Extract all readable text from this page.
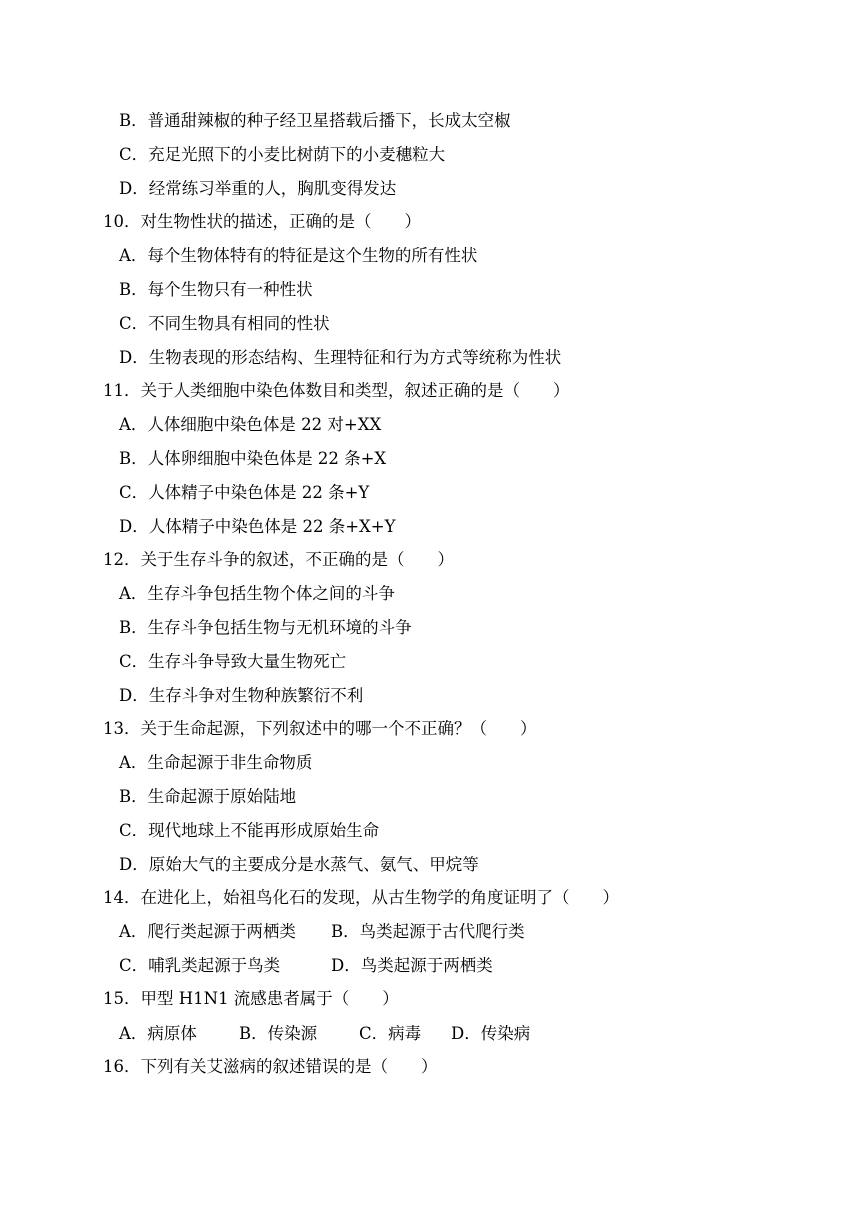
B．普通甜辣椒的种子经卫星搭载后播下，长成太空椒
C．充足光照下的小麦比树荫下的小麦穗粒大
D．经常练习举重的人，胸肌变得发达
10．对生物性状的描述，正确的是（　　）
A．每个生物体特有的特征是这个生物的所有性状
B．每个生物只有一种性状
C．不同生物具有相同的性状
D．生物表现的形态结构、生理特征和行为方式等统称为性状
11．关于人类细胞中染色体数目和类型，叙述正确的是（　　）
A．人体细胞中染色体是 22 对+XX
B．人体卵细胞中染色体是 22 条+X
C．人体精子中染色体是 22 条+Y
D．人体精子中染色体是 22 条+X+Y
12．关于生存斗争的叙述，不正确的是（　　）
A．生存斗争包括生物个体之间的斗争
B．生存斗争包括生物与无机环境的斗争
C．生存斗争导致大量生物死亡
D．生存斗争对生物种族繁衍不利
13．关于生命起源，下列叙述中的哪一个不正确？（　　）
A．生命起源于非生命物质
B．生命起源于原始陆地
C．现代地球上不能再形成原始生命
D．原始大气的主要成分是水蒸气、氨气、甲烷等
14．在进化上，始祖鸟化石的发现，从古生物学的角度证明了（　　）
A．爬行类起源于两栖类	B．鸟类起源于古代爬行类
C．哺乳类起源于鸟类	D．鸟类起源于两栖类
15．甲型 H1N1 流感患者属于（　　）
A．病原体	B．传染源	C．病毒	D．传染病
16．下列有关艾滋病的叙述错误的是（　　）
